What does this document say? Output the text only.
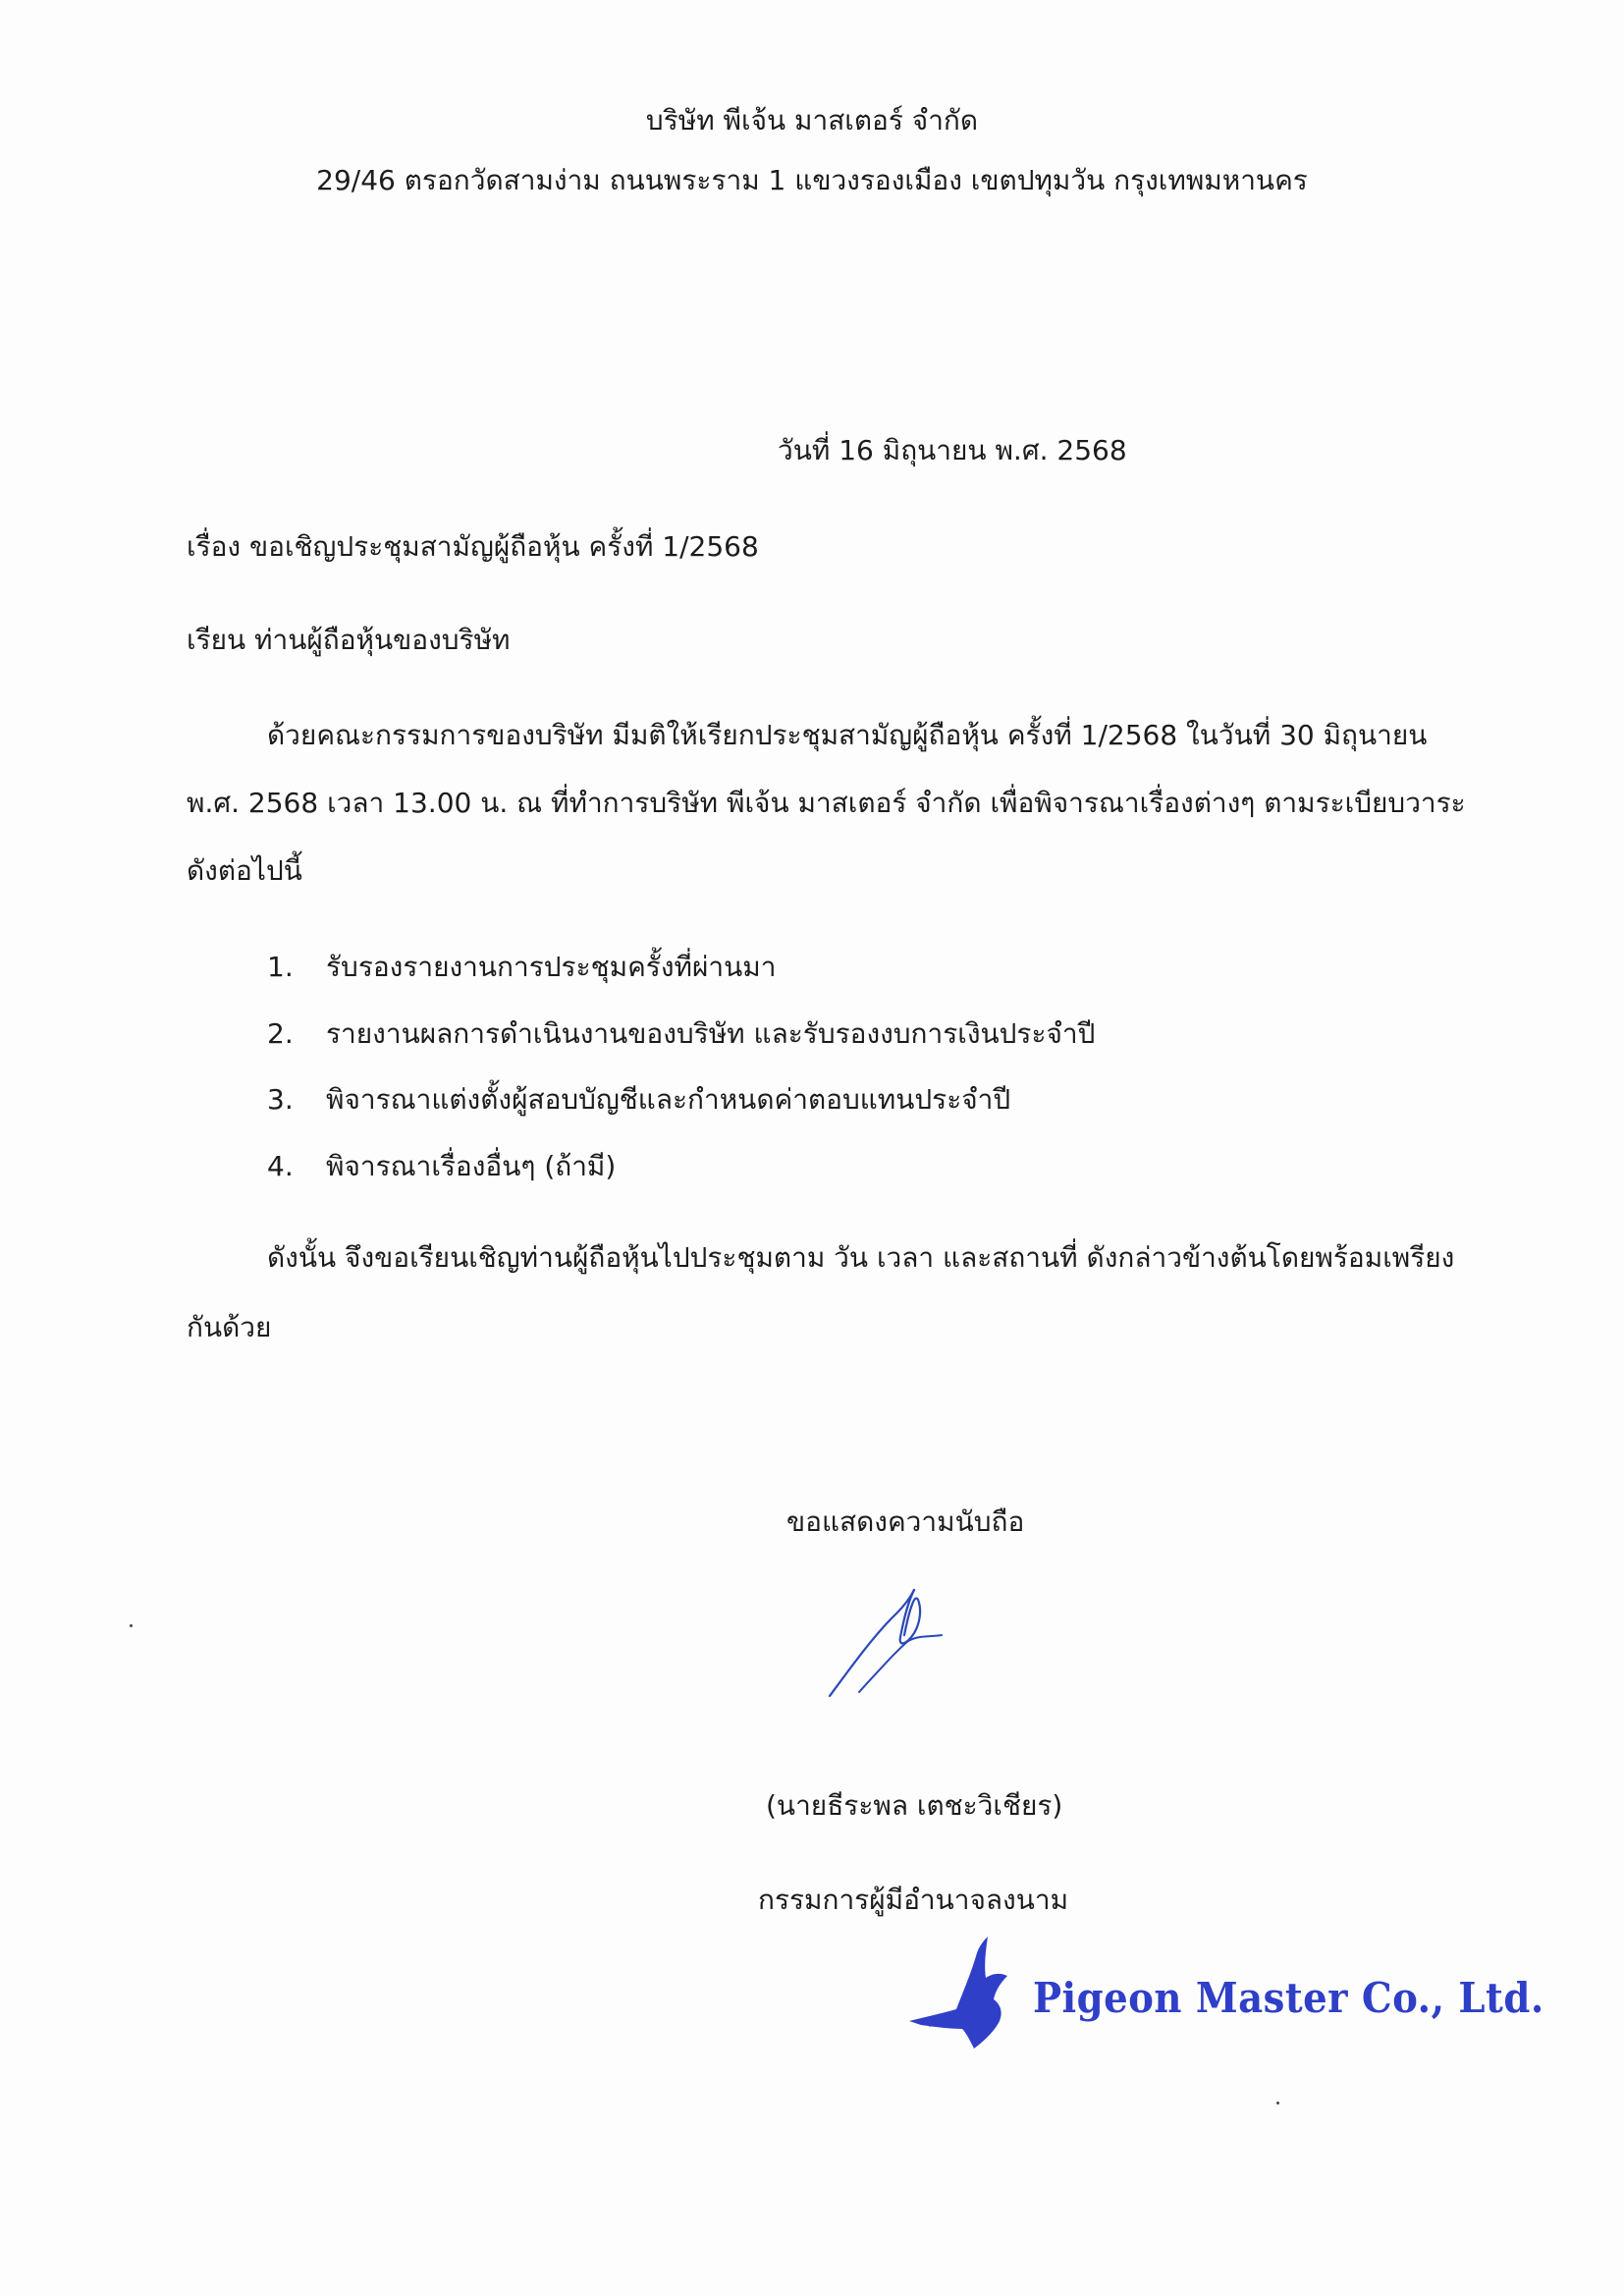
บริษัท พีเจ้น มาสเตอร์ จำกัด
29/46 ตรอกวัดสามง่าม ถนนพระราม 1 แขวงรองเมือง เขตปทุมวัน กรุงเทพมหานคร
วันที่ 16 มิถุนายน พ.ศ. 2568
เรื่อง ขอเชิญประชุมสามัญผู้ถือหุ้น ครั้งที่ 1/2568
เรียน ท่านผู้ถือหุ้นของบริษัท
ด้วยคณะกรรมการของบริษัท มีมติให้เรียกประชุมสามัญผู้ถือหุ้น ครั้งที่ 1/2568 ในวันที่ 30 มิถุนายน
พ.ศ. 2568 เวลา 13.00 น. ณ ที่ทำการบริษัท พีเจ้น มาสเตอร์ จำกัด เพื่อพิจารณาเรื่องต่างๆ ตามระเบียบวาระ
ดังต่อไปนี้
1. รับรองรายงานการประชุมครั้งที่ผ่านมา
2. รายงานผลการดำเนินงานของบริษัท และรับรองงบการเงินประจำปี
3. พิจารณาแต่งตั้งผู้สอบบัญชีและกำหนดค่าตอบแทนประจำปี
4. พิจารณาเรื่องอื่นๆ (ถ้ามี)
ดังนั้น จึงขอเรียนเชิญท่านผู้ถือหุ้นไปประชุมตาม วัน เวลา และสถานที่ ดังกล่าวข้างต้นโดยพร้อมเพรียง
กันด้วย
ขอแสดงความนับถือ
(นายธีระพล เตชะวิเชียร)
กรรมการผู้มีอำนาจลงนาม
Pigeon Master Co., Ltd.
